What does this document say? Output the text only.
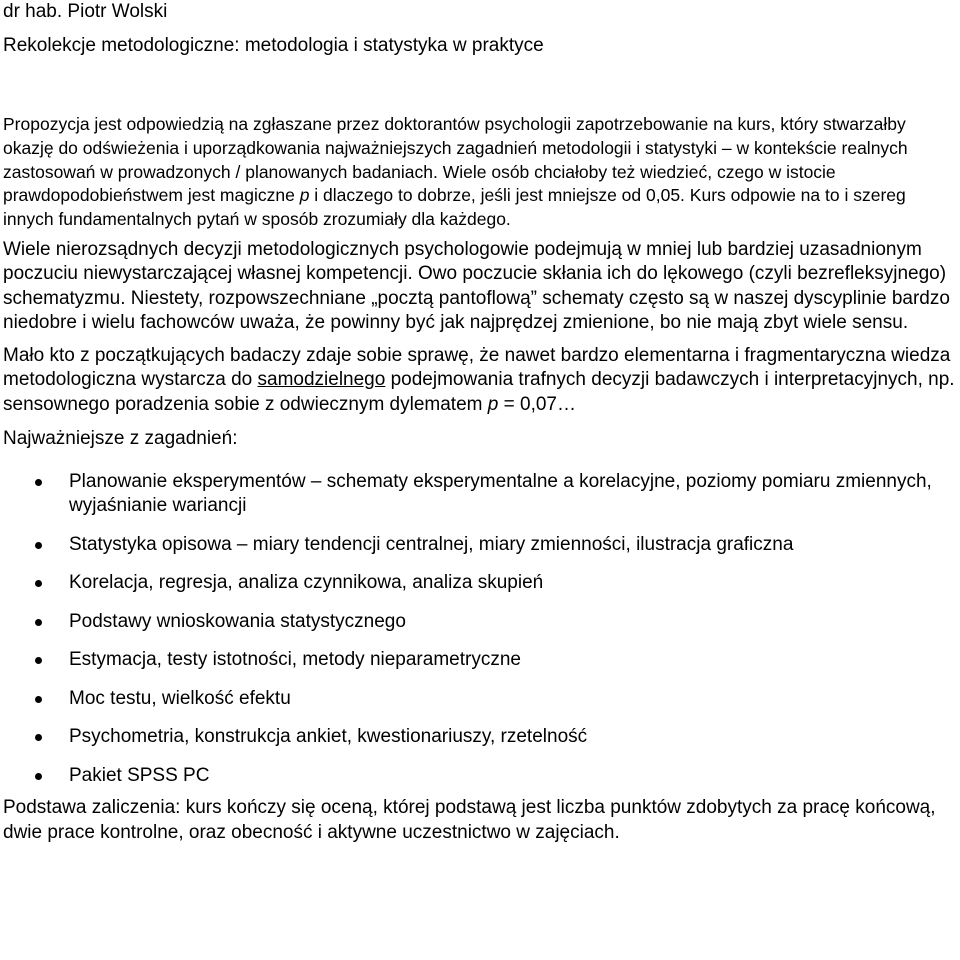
dr hab. Piotr Wolski

Rekolekcje metodologiczne: metodologia i statystyka w praktyce

Propozycja jest odpowiedzią na zgłaszane przez doktorantów psychologii zapotrzebowanie na kurs, który stwarzałby okazję do odświeżenia i uporządkowania najważniejszych zagadnień metodologii i statystyki – w kontekście realnych zastosowań w prowadzonych / planowanych badaniach. Wiele osób chciałoby też wiedzieć, czego w istocie prawdopodobieństwem jest magiczne p i dlaczego to dobrze, jeśli jest mniejsze od 0,05. Kurs odpowie na to i szereg innych fundamentalnych pytań w sposób zrozumiały dla każdego.

Wiele nierozsądnych decyzji metodologicznych psychologowie podejmują w mniej lub bardziej uzasadnionym poczuciu niewystarczającej własnej kompetencji. Owo poczucie skłania ich do lękowego (czyli bezrefleksyjnego) schematyzmu. Niestety, rozpowszechniane „pocztą pantoflową” schematy często są w naszej dyscyplinie bardzo niedobre i wielu fachowców uważa, że powinny być jak najprędzej zmienione, bo nie mają zbyt wiele sensu.

Mało kto z początkujących badaczy zdaje sobie sprawę, że nawet bardzo elementarna i fragmentaryczna wiedza metodologiczna wystarcza do samodzielnego podejmowania trafnych decyzji badawczych i interpretacyjnych, np. sensownego poradzenia sobie z odwiecznym dylematem p = 0,07…

Najważniejsze z zagadnień:

Planowanie eksperymentów – schematy eksperymentalne a korelacyjne, poziomy pomiaru zmiennych, wyjaśnianie wariancji
Statystyka opisowa – miary tendencji centralnej, miary zmienności, ilustracja graficzna
Korelacja, regresja, analiza czynnikowa, analiza skupień
Podstawy wnioskowania statystycznego
Estymacja, testy istotności, metody nieparametryczne
Moc testu, wielkość efektu
Psychometria, konstrukcja ankiet, kwestionariuszy, rzetelność
Pakiet SPSS PC

Podstawa zaliczenia: kurs kończy się oceną, której podstawą jest liczba punktów zdobytych za pracę końcową, dwie prace kontrolne, oraz obecność i aktywne uczestnictwo w zajęciach.
